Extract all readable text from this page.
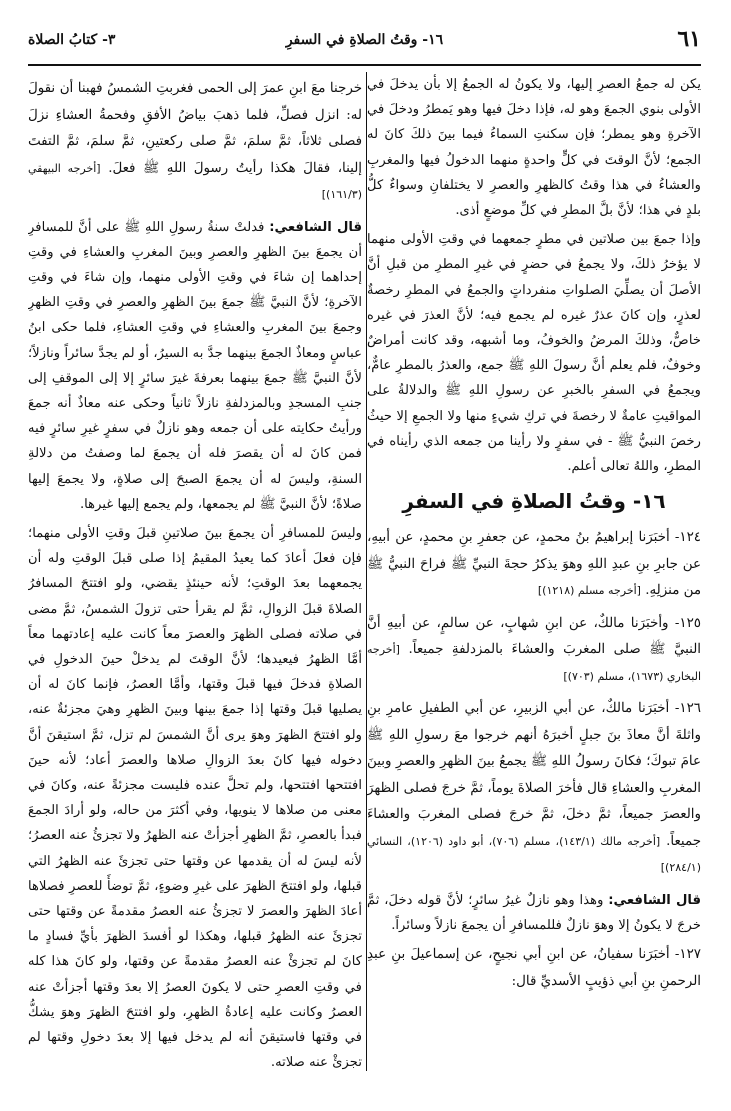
٦١
١٦- وقتُ الصلاةِ في السفرِ
٣- كتابُ الصلاة

يكن له جمعُ العصرِ إليها، ولا يكونُ له الجمعُ إلا بأن يدخلَ في الأولى بنوي الجمعَ وهو له، فإذا دخلَ فيها وهو يَمطرُ ودخلَ في الآخرةِ وهو يمطر؛ فإن سكنتِ السماءُ فيما بينَ ذلكَ كانَ له الجمع؛ لأنَّ الوقتَ في كلٍّ واحدةٍ منهما الدخولُ فيها والمغربِ والعشاءُ في هذا وقتُ كالظهرِ والعصرِ لا يختلفانِ وسواءٌ كلُّ بلدٍ في هذا؛ لأنَّ بلَّ المطرِ في كلِّ موضعٍ أذى.

وإذا جمعَ بين صلاتين في مطرٍ جمعهما في وقتِ الأولى منهما لا يؤخرُ ذلكَ، ولا يجمعُ في حضرٍ في غيرِ المطرِ من قبلِ أنَّ الأصلَ أن يصلِّيَ الصلواتِ منفرداتٍ والجمعُ في المطرِ رخصةٌ لعذرٍ، وإن كانَ عذرٌ غيره لم يجمع فيه؛ لأنَّ العذرَ في غيره خاصٌّ، وذلكَ المرضُ والخوفُ، وما أشبهه، وقد كانت أمراضٌ وخوفٌ، فلم يعلم أنَّ رسولَ اللهِ ﷺ جمع، والعذرُ بالمطرِ عامٌّ، ويجمعُ في السفرِ بالخبرِ عن رسولِ اللهِ ﷺ والدلالةُ على المواقيتِ عامةٌ لا رخصةَ في تركِ شيءٍ منها ولا الجمعِ إلا حيثُ رخصَ النبيُّ ﷺ - في سفرٍ ولا رأينا من جمعه الذي رأيناه في المطرِ، واللهُ تعالى أعلم.

١٦- وقتُ الصلاةِ في السفرِ

١٢٤- أخبَرَنا إبراهيمُ بنُ محمدٍ، عن جعفرِ بنِ محمدٍ، عن أبيهِ، عن جابرِ بنِ عبدِ اللهِ وهوَ يذكرُ حجةَ النبيِّ ﷺ فراحَ النبيُّ ﷺ من منزلِهِ. [أخرجه مسلم (١٢١٨)]

١٢٥- وأخبَرَنا مالكٌ، عن ابنِ شهابٍ، عن سالمٍ، عن أبيهِ أنَّ النبيَّ ﷺ صلى المغربَ والعشاءَ بالمزدلفةِ جميعاً. [أخرجه البخاري (١٦٧٣)، مسلم (٧٠٣)]

١٢٦- أخبَرَنا مالكٌ، عن أبي الزبيرِ، عن أبي الطفيلِ عامرِ بنِ واثلةَ أنَّ معاذَ بنَ جبلٍ أخبرَهُ أنهم خرجوا معَ رسولِ اللهِ ﷺ عامَ تبوكَ؛ فكانَ رسولُ اللهِ ﷺ يجمعُ بينَ الظهرِ والعصرِ وبينَ المغربِ والعشاءِ قال فأخرَ الصلاةَ يوماً، ثمَّ خرجَ فصلى الظهرَ والعصرَ جميعاً، ثمَّ دخلَ، ثمَّ خرجَ فصلى المغربَ والعشاءَ جميعاً. [أخرجه مالك (١٤٣/١)، مسلم (٧٠٦)، أبو داود (١٢٠٦)، النسائي (٢٨٤/١)]

قال الشافعي: وهذا وهو نازلٌ غيرُ سائرٍ؛ لأنَّ قوله دخلَ، ثمَّ خرجَ لا يكونُ إلا وهوَ نازلٌ فللمسافرِ أن يجمعَ نازلاً وسائراً.

١٢٧- أخبَرَنا سفيانُ، عن ابنِ أبي نجيحٍ، عن إسماعيلَ بنِ عبدِ الرحمنِ بنِ أبي ذؤيبٍ الأسديِّ قال:

خرجنا معَ ابنِ عمرَ إلى الحمى فغربتِ الشمسُ فهبنا أن نقولَ له: انزل فصلِّ، فلما ذهبَ بياضُ الأفقِ وفحمةُ العشاءِ نزلَ فصلى ثلاثاً، ثمَّ سلمَ، ثمَّ صلى ركعتينِ، ثمَّ سلمَ، ثمَّ التفتَ إلينا، فقالَ هكذا رأيتُ رسولَ اللهِ ﷺ فعلَ. [أخرجه البيهقي (١٦١/٣)]

قال الشافعي: فدلتْ سنةُ رسولِ اللهِ ﷺ على أنَّ للمسافرِ أن يجمعَ بينَ الظهرِ والعصرِ وبينَ المغربِ والعشاءِ في وقتِ إحداهما إن شاءَ في وقتِ الأولى منهما، وإن شاءَ في وقتِ الآخرةِ؛ لأنَّ النبيَّ ﷺ جمعَ بينَ الظهرِ والعصرِ في وقتِ الظهرِ وجمعَ بينَ المغربِ والعشاءِ في وقتِ العشاءِ، فلما حكى ابنُ عباسٍ ومعاذٌ الجمعَ بينهما جدَّ به السيرُ، أو لم يجدَّ سائراً ونازلاً؛ لأنَّ النبيَّ ﷺ جمعَ بينهما بعرفةَ غيرَ سائرٍ إلا إلى الموقفِ إلى جنبِ المسجدِ وبالمزدلفةِ نازلاً ثانياً وحكى عنه معاذٌ أنه جمعَ ورأيتُ حكايته على أن جمعه وهو نازلٌ في سفرٍ غيرِ سائرٍ فيه فمن كانَ له أن يقصرَ فله أن يجمعَ لما وصفتُ من دلالةِ السنةِ، وليسَ له أن يجمعَ الصبحَ إلى صلاةٍ، ولا يجمعَ إليها صلاةً؛ لأنَّ النبيَّ ﷺ لم يجمعها، ولم يجمع إليها غيرها.

وليسَ للمسافرِ أن يجمعَ بينَ صلاتينِ قبلَ وقتِ الأولى منهما؛ فإن فعلَ أعادَ كما يعيدُ المقيمُ إذا صلى قبلَ الوقتِ وله أن يجمعهما بعدَ الوقتِ؛ لأنه حينئذٍ يقضي، ولو افتتحَ المسافرُ الصلاةَ قبلَ الزوالِ، ثمَّ لم يقرأ حتى تزولَ الشمسُ، ثمَّ مضى في صلاته فصلى الظهرَ والعصرَ معاً كانت عليه إعادتهما معاً أمَّا الظهرُ فيعيدها؛ لأنَّ الوقتَ لم يدخلْ حينَ الدخولِ في الصلاةِ فدخلَ فيها قبلَ وقتها، وأمَّا العصرُ، فإنما كانَ له أن يصليها قبلَ وقتها إذا جمعَ بينها وبينَ الظهرِ وهيَ مجزئةٌ عنه، ولو افتتحَ الظهرَ وهوَ يرى أنَّ الشمسَ لم تزل، ثمَّ استيقنَ أنَّ دخوله فيها كانَ بعدَ الزوالِ صلاها والعصرَ أعاد؛ لأنه حينَ افتتحها افتتحها، ولم تحلَّ عنده فليست مجزئةً عنه، وكانَ في معنى من صلاها لا ينويها، وفي أكثرَ من حاله، ولو أرادَ الجمعَ فبدأ بالعصرِ، ثمَّ الظهرِ أجزأتْ عنه الظهرُ ولا تجزئُ عنه العصرُ؛ لأنه ليسَ له أن يقدمها عن وقتها حتى تجزئَ عنه الظهرُ التي قبلها، ولو افتتحَ الظهرَ على غيرِ وضوءٍ، ثمَّ توضأَ للعصرِ فصلاها أعادَ الظهرَ والعصرَ لا تجزئُ عنه العصرُ مقدمةً عن وقتها حتى تجزئَ عنه الظهرُ قبلها، وهكذا لو أفسدَ الظهرَ بأيِّ فسادٍ ما كانَ لم تجزئْ عنه العصرُ مقدمةً عن وقتها، ولو كانَ هذا كله في وقتِ العصرِ حتى لا يكونَ العصرُ إلا بعدَ وقتها أجزأتْ عنه العصرُ وكانت عليه إعادةُ الظهرِ، ولو افتتحَ الظهرَ وهوَ يشكُّ في وقتها فاستيقنَ أنه لم يدخل فيها إلا بعدَ دخولِ وقتها لم تجزئْ عنه صلاته.
